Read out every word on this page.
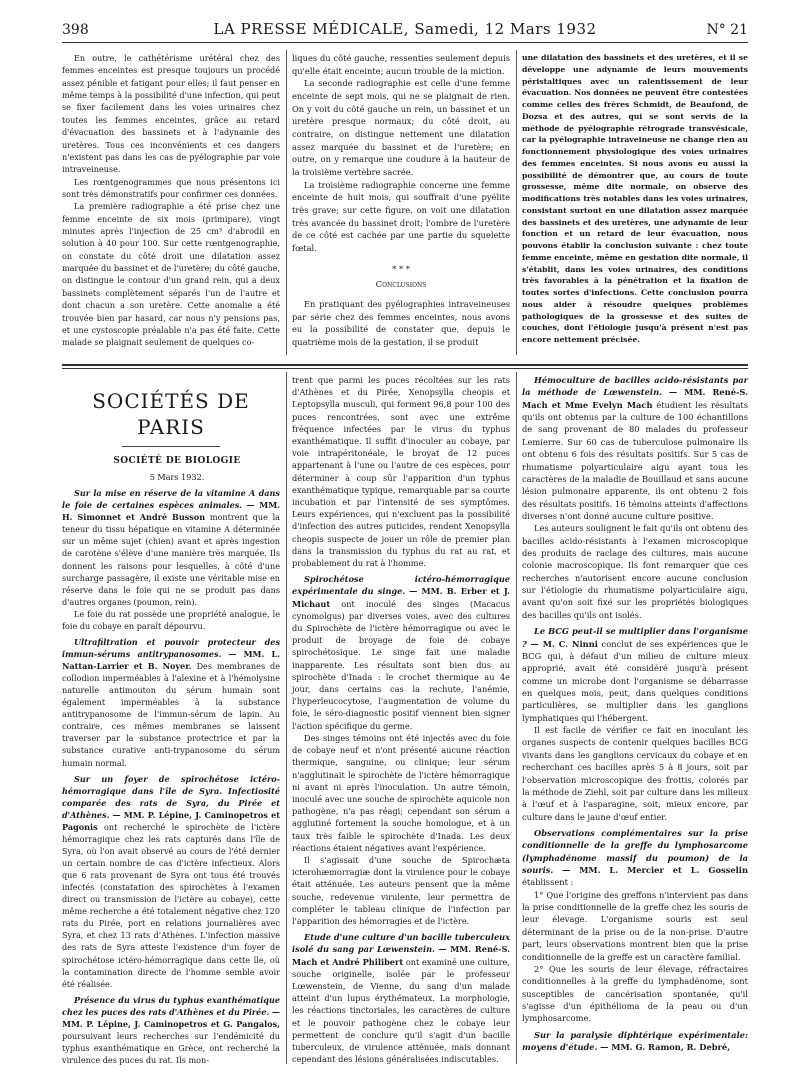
398	LA PRESSE MÉDICALE, Samedi, 12 Mars 1932	N° 21

En outre, le cathétérisme urétéral chez des femmes enceintes est presque toujours un procédé assez pénible et fatigant pour elles; il faut penser en même temps à la possibilité d'une infection, qui peut se fixer facilement dans les voies urinaires chez toutes les femmes enceintes, grâce au retard d'évacuation des bassinets et à l'adynamie des uretères. Tous ces inconvénients et ces dangers n'existent pas dans les cas de pyélographie par voie intraveineuse.

Les rœntgenogrammes que nous présentons ici sont très démonstratifs pour confirmer ces données.

La première radiographie a été prise chez une femme enceinte de six mois (primipare), vingt minutes après l'injection de 25 cm³ d'abrodil en solution à 40 pour 100. Sur cette rœntgenographie, on constate du côté droit une dilatation assez marquée du bassinet et de l'uretère; du côté gauche, on distingue le contour d'un grand rein, qui a deux bassinets complètement séparés l'un de l'autre et dont chacun a son uretère. Cette anomalie a été trouvée bien par hasard, car nous n'y pensions pas, et une cystoscopie préalable n'a pas été faite. Cette malade se plaignait seulement de quelques co-

liques du côté gauche, ressenties seulement depuis qu'elle était enceinte; aucun trouble de la miction.

La seconde radiographie est celle d'une femme enceinte de sept mois, qui ne se plaignait de rien. On y voit du côté gauche un rein, un bassinet et un uretère presque normaux; du côté droit, au contraire, on distingue nettement une dilatation assez marquée du bassinet et de l'uretère; en outre, on y remarque une coudure à la hauteur de la troisième vertèbre sacrée.

La troisième radiographie concerne une femme enceinte de huit mois, qui souffrait d'une pyélite très grave; sur cette figure, on voit une dilatation très avancée du bassinet droit; l'ombre de l'uretère de ce côté est cachée par une partie du squelette fœtal.

* * *

Conclusions

En pratiquant des pyélographies intraveineuses par série chez des femmes enceintes, nous avons eu la possibilité de constater que, depuis le quatrième mois de la gestation, il se produit

une dilatation des bassinets et des uretères, et il se développe une adynamie de leurs mouvements péristaltiques avec un ralentissement de leur évacuation. Nos données ne peuvent être contestées comme celles des frères Schmidt, de Beaufond, de Dozsa et des autres, qui se sont servis de la méthode de pyélographie rétrograde transvésicale, car la pyélographie intraveineuse ne change rien au fonctionnement physiologique des voies urinaires des femmes enceintes. Si nous avons eu aussi la possibilité de démontrer que, au cours de toute grossesse, même dite normale, on observe des modifications très notables dans les voies urinaires, consistant surtout en une dilatation assez marquée des bassinets et des uretères, une adynamie de leur fonction et un retard de leur évacuation, nous pouvons établir la conclusion suivante : chez toute femme enceinte, même en gestation dite normale, il s'établit, dans les voies urinaires, des conditions très favorables à la pénétration et la fixation de toutes sortes d'infections. Cette conclusion pourra nous aider à résoudre quelques problèmes pathologiques de la grossesse et des suites de couches, dont l'étiologie jusqu'à présent n'est pas encore nettement précisée.

SOCIÉTÉS DE PARIS

SOCIÉTÉ DE BIOLOGIE

5 Mars 1932.

Sur la mise en réserve de la vitamine A dans le foie de certaines espèces animales. — MM. H. Simonnet et André Busson montrent que la teneur du tissu hépatique en vitamine A déterminée sur un même sujet (chien) avant et après ingestion de carotène s'élève d'une manière très marquée. Ils donnent les raisons pour lesquelles, à côté d'une surcharge passagère, il existe une véritable mise en réserve dans le foie qui ne se produit pas dans d'autres organes (poumon, rein).

Le foie du rat possède une propriété analogue, le foie du cobaye en paraît dépourvu.

Ultrafiltration et pouvoir protecteur des immun-sérums antitrypanosomes. — MM. L. Nattan-Larrier et B. Noyer. Des membranes de collodion imperméables à l'alexine et à l'hémolysine naturelle antimouton du sérum humain sont également imperméables à la substance antitrypanosome de l'immun-sérum de lapin. Au contraire, ces mêmes membranes se laissent traverser par la substance protectrice et par la substance curative anti-trypanosome du sérum humain normal.

Sur un foyer de spirochétose ictéro-hémorragique dans l'île de Syra. Infectiosité comparée des rats de Syra, du Pirée et d'Athènes. — MM. P. Lépine, J. Caminopetros et Pagonis ont recherché le spirochète de l'ictère hémorragique chez les rats capturés dans l'île de Syra, où l'on avait observé au cours de l'été dernier un certain nombre de cas d'ictère infectieux. Alors que 6 rats provenant de Syra ont tous été trouvés infectés (constatation des spirochètes à l'examen direct ou transmission de l'ictère au cobaye), cette même recherche a été totalement négative chez 120 rats du Pirée, port en relations journalières avec Syra, et chez 13 rats d'Athènes. L'infection massive des rats de Syra atteste l'existence d'un foyer de spirochétose ictéro-hémorragique dans cette île, où la contamination directe de l'homme semble avoir été réalisée.

Présence du virus du typhus exanthématique chez les puces des rats d'Athènes et du Pirée. — MM. P. Lépine, J. Caminopetros et G. Pangalos, poursuivant leurs recherches sur l'endémicité du typhus exanthématique en Grèce, ont recherché la virulence des puces du rat. Ils mon-

trent que parmi les puces récoltées sur les rats d'Athènes et du Pirée, Xenopsylla cheopis et Leptopsylla musculi, qui forment 96,8 pour 100 des puces rencontrées, sont avec une extrême fréquence infectées par le virus du typhus exanthématique. Il suffit d'inoculer au cobaye, par voie intrapéritonéale, le broyat de 12 puces appartenant à l'une ou l'autre de ces espèces, pour déterminer à coup sûr l'apparition d'un typhus exanthématique typique, remarquable par sa courte incubation et par l'intensité de ses symptômes. Leurs expériences, qui n'excluent pas la possibilité d'infection des autres puticides, rendent Xenopsylla cheopis suspecte de jouer un rôle de premier plan dans la transmission du typhus du rat au rat, et probablement du rat à l'homme.

Spirochétose ictéro-hémorragique expérimentale du singe. — MM. B. Erber et J. Michaut ont inoculé des singes (Macacus cynomolgus) par diverses voies, avec des cultures du Spirochète de l'ictère hémorragique ou avec le produit de broyage de foie de cobaye spirochétosique. Le singe fait une maladie inapparente. Les résultats sont bien dus au spirochète d'Inada : le crochet thermique au 4e jour, dans certains cas la rechute, l'anémie, l'hyperleucocytose, l'augmentation de volume du foie, le séro-diagnostic positif viennent bien signer l'action spécifique du germe.

Des singes témoins ont été injectés avec du foie de cobaye neuf et n'ont présenté aucune réaction thermique, sanguine, ou clinique; leur sérum n'agglutinait le spirochète de l'ictère hémorragique ni avant ni après l'inoculation. Un autre témoin, inoculé avec une souche de spirochète aquicole non pathogène, n'a pas réagi; cependant son sérum a agglutiné fortement la souche homologue, et à un taux très faible le spirochète d'Inada. Les deux réactions étaient négatives avant l'expérience.

Il s'agissait d'une souche de Spirochæta icterohæmorragiæ dont la virulence pour le cobaye était atténuée. Les auteurs pensent que la même souche, redevenue virulente, leur permettra de compléter le tableau clinique de l'infection par l'apparition des hémorragies et de l'ictère.

Etude d'une culture d'un bacille tuberculeux isolé du sang par Lœwenstein. — MM. René-S. Mach et André Philibert ont examiné une culture, souche originelle, isolée par le professeur Lœwenstein, de Vienne, du sang d'un malade atteint d'un lupus érythémateux. La morphologie, les réactions tinctoriales, les caractères de culture et le pouvoir pathogène chez le cobaye leur permettent de conclure qu'il s'agit d'un bacille tuberculeux, de virulence atténuée, mais donnant cependant des lésions généralisées indiscutables.

Hémoculture de bacilles acido-résistants par la méthode de Lœwenstein. — MM. René-S. Mach et Mme Evelyn Mach étudient les résultats qu'ils ont obtenus par la culture de 100 échantillons de sang provenant de 80 malades du professeur Lemierre. Sur 60 cas de tuberculose pulmonaire ils ont obtenu 6 fois des résultats positifs. Sur 5 cas de rhumatisme polyarticulaire aigu ayant tous les caractères de la maladie de Bouillaud et sans aucune lésion pulmonaire apparente, ils ont obtenu 2 fois des résultats positifs. 16 témoins atteints d'affections diverses n'ont donné aucune culture positive.

Les auteurs soulignent le fait qu'ils ont obtenu des bacilles acido-résistants à l'examen microscopique des produits de raclage des cultures, mais aucune colonie macroscopique. Ils font remarquer que ces recherches n'autorisent encore aucune conclusion sur l'étiologie du rhumatisme polyarticulaire aigu, avant qu'on soit fixé sur les propriétés biologiques des bacilles qu'ils ont isolés.

Le BCG peut-il se multiplier dans l'organisme ? — M. C. Ninni conclut de ses expériences que le BCG qui, à défaut d'un milieu de culture mieux approprié, avait été considéré jusqu'à présent comme un microbe dont l'organisme se débarrasse en quelques mois, peut, dans quelques conditions particulières, se multiplier dans les ganglions lymphatiques qui l'hébergent.

Il est facile de vérifier ce fait en inoculant les organes suspects de contenir quelques bacilles BCG vivants dans les ganglions cervicaux du cobaye et en recherchant ces bacilles après 5 à 8 jours, soit par l'observation microscopique des frottis, colorés par la méthode de Ziehl, soit par culture dans les milieux à l'œuf et à l'asparagine, soit, mieux encore, par culture dans le jaune d'œuf entier.

Observations complémentaires sur la prise conditionnelle de la greffe du lymphosarcome (lymphadénome massif du poumon) de la souris. — MM. L. Mercier et L. Gosselin établissent :

1° Que l'origine des greffons n'intervient pas dans la prise conditionnelle de la greffe chez les souris de leur élevage. L'organisme souris est seul déterminant de la prise ou de la non-prise. D'autre part, leurs observations montrent bien que la prise conditionnelle de la greffe est un caractère familial.

2° Que les souris de leur élevage, réfractaires conditionnelles à la greffe du lymphadénome, sont susceptibles de cancérisation spontanée, qu'il s'agisse d'un épithélioma de la peau ou d'un lymphosarcome.

Sur la paralysie diphtérique expérimentale: moyens d'étude. — MM. G. Ramon, R. Debré,
